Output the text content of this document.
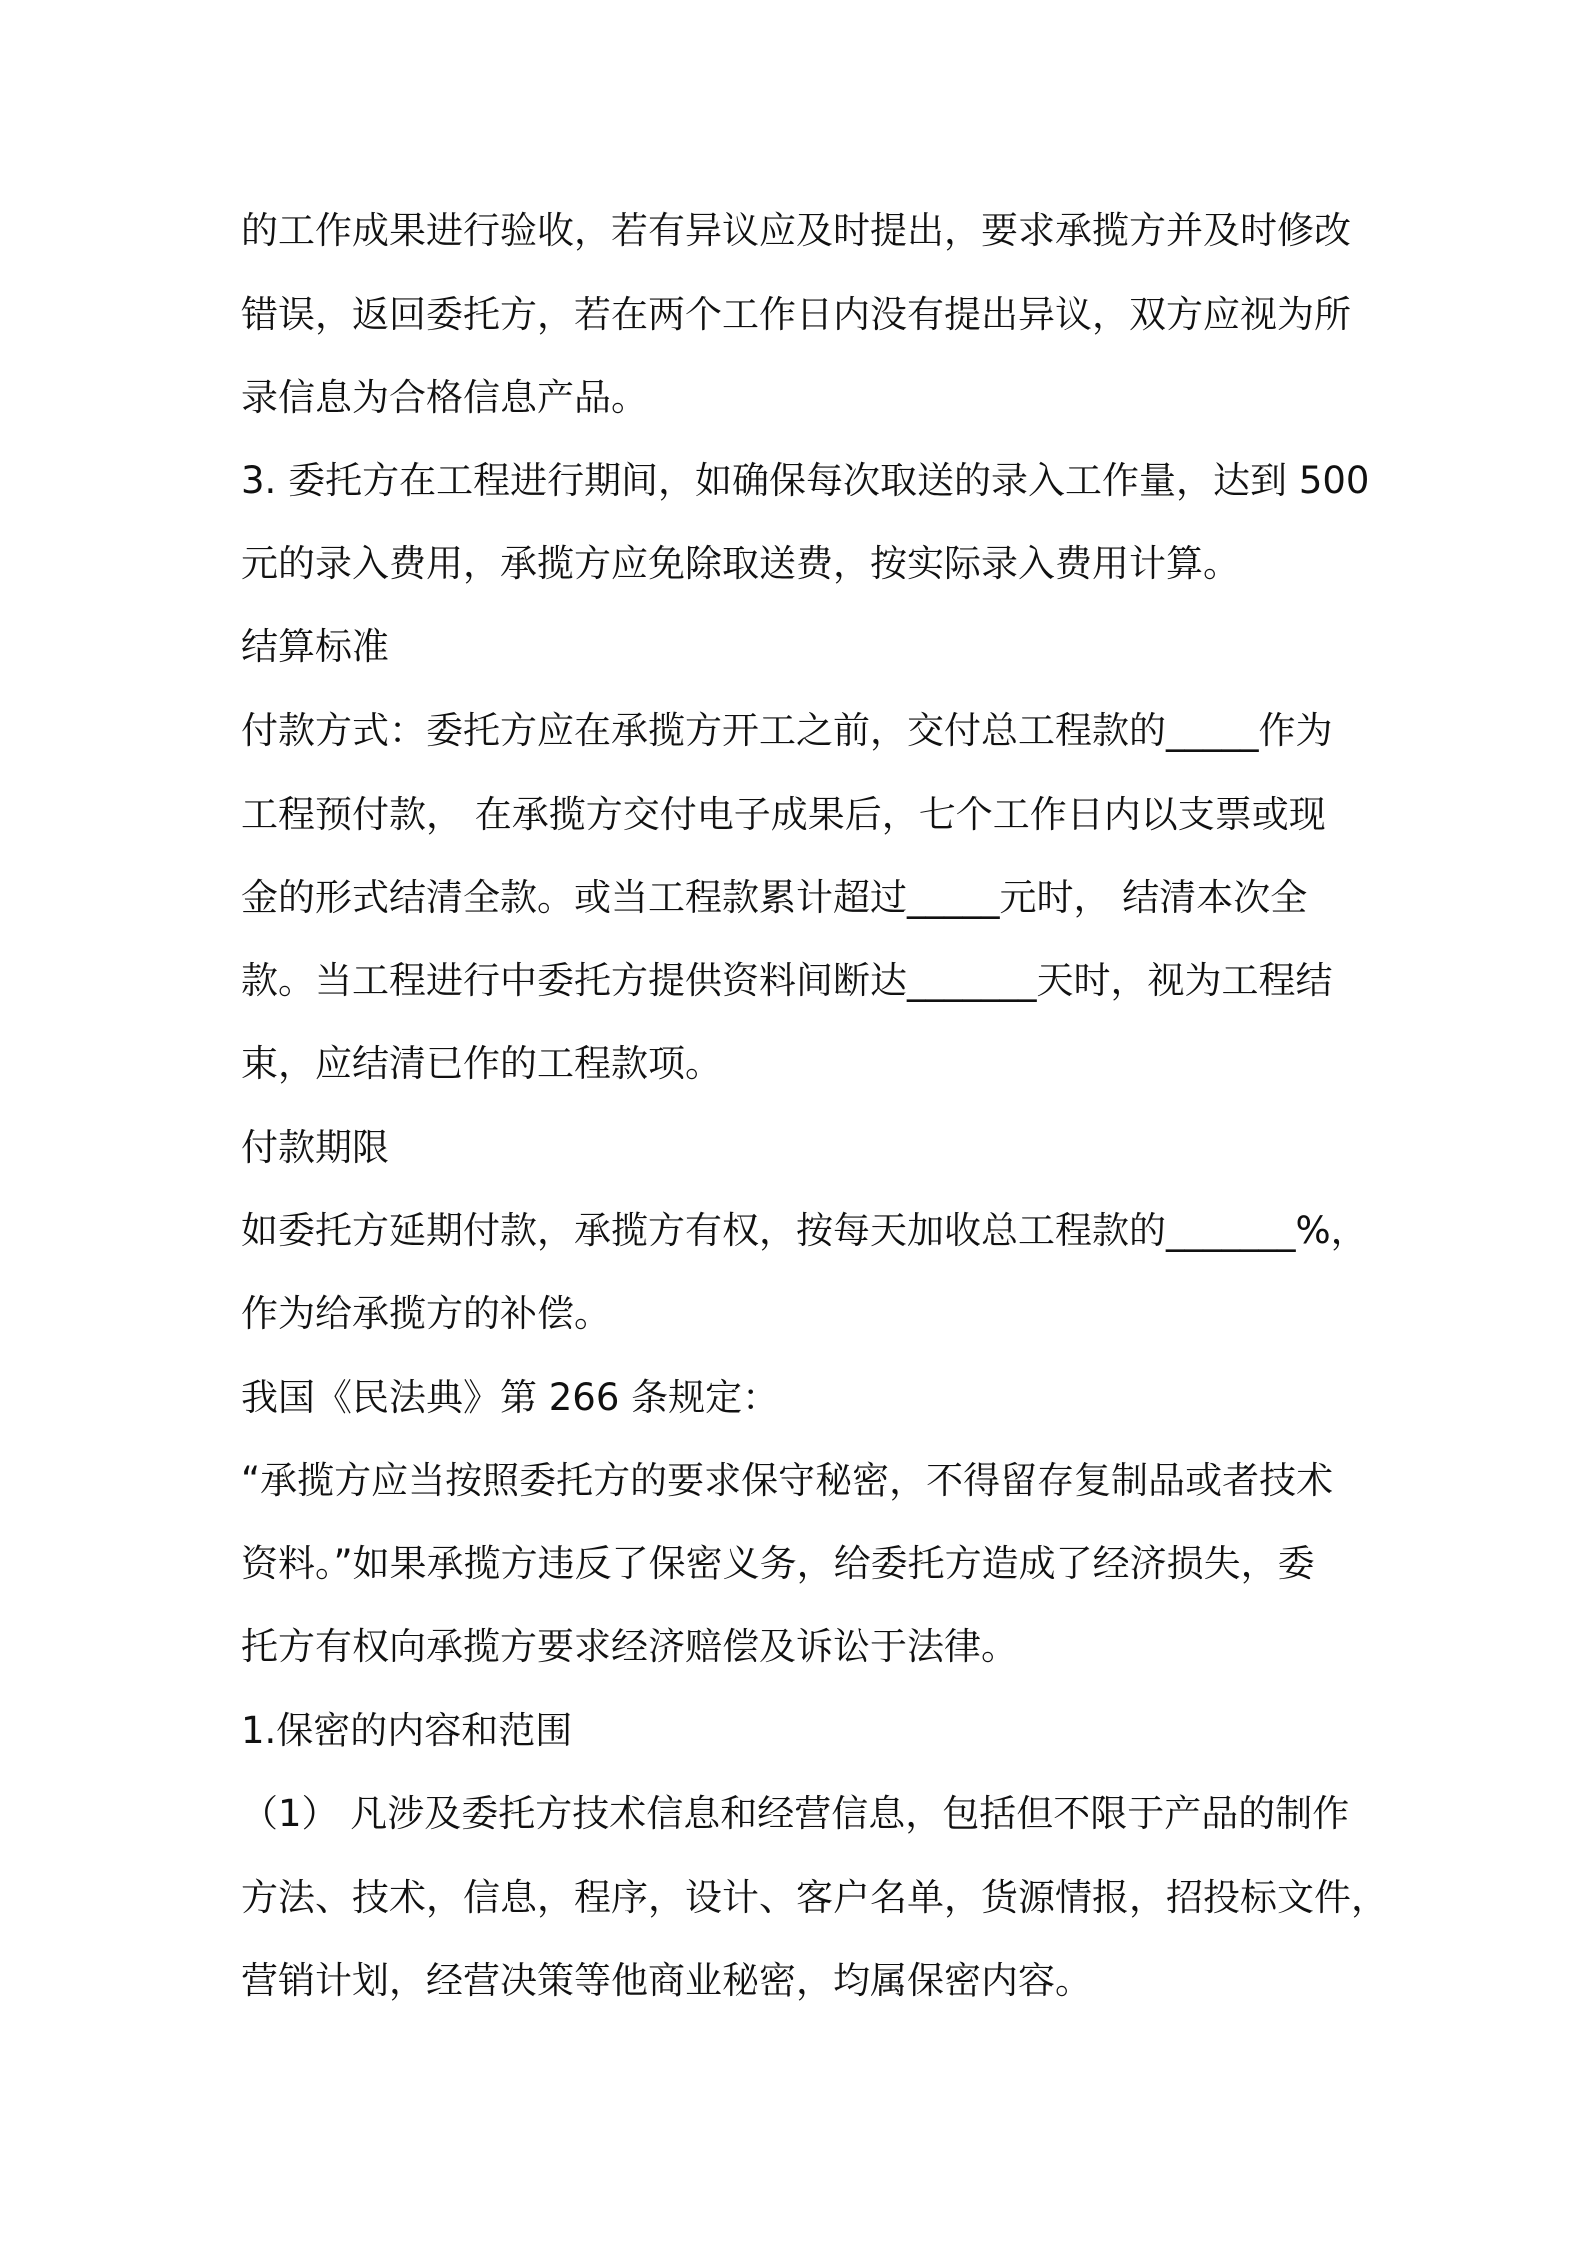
的工作成果进行验收，若有异议应及时提出，要求承揽方并及时修改

错误，返回委托方，若在两个工作日内没有提出异议，双方应视为所

录信息为合格信息产品。

3. 委托方在工程进行期间，如确保每次取送的录入工作量，达到 500

元的录入费用，承揽方应免除取送费，按实际录入费用计算。

结算标准

付款方式：委托方应在承揽方开工之前，交付总工程款的_____作为

工程预付款， 在承揽方交付电子成果后，七个工作日内以支票或现

金的形式结清全款。或当工程款累计超过_____元时， 结清本次全

款。当工程进行中委托方提供资料间断达_______天时，视为工程结

束，应结清已作的工程款项。

付款期限

如委托方延期付款，承揽方有权，按每天加收总工程款的_______%，

作为给承揽方的补偿。

我国《民法典》第 266 条规定：

“承揽方应当按照委托方的要求保守秘密，不得留存复制品或者技术

资料。”如果承揽方违反了保密义务，给委托方造成了经济损失，委

托方有权向承揽方要求经济赔偿及诉讼于法律。

1.保密的内容和范围

（1） 凡涉及委托方技术信息和经营信息，包括但不限于产品的制作

方法、技术，信息，程序，设计、客户名单，货源情报，招投标文件，

营销计划，经营决策等他商业秘密，均属保密内容。
